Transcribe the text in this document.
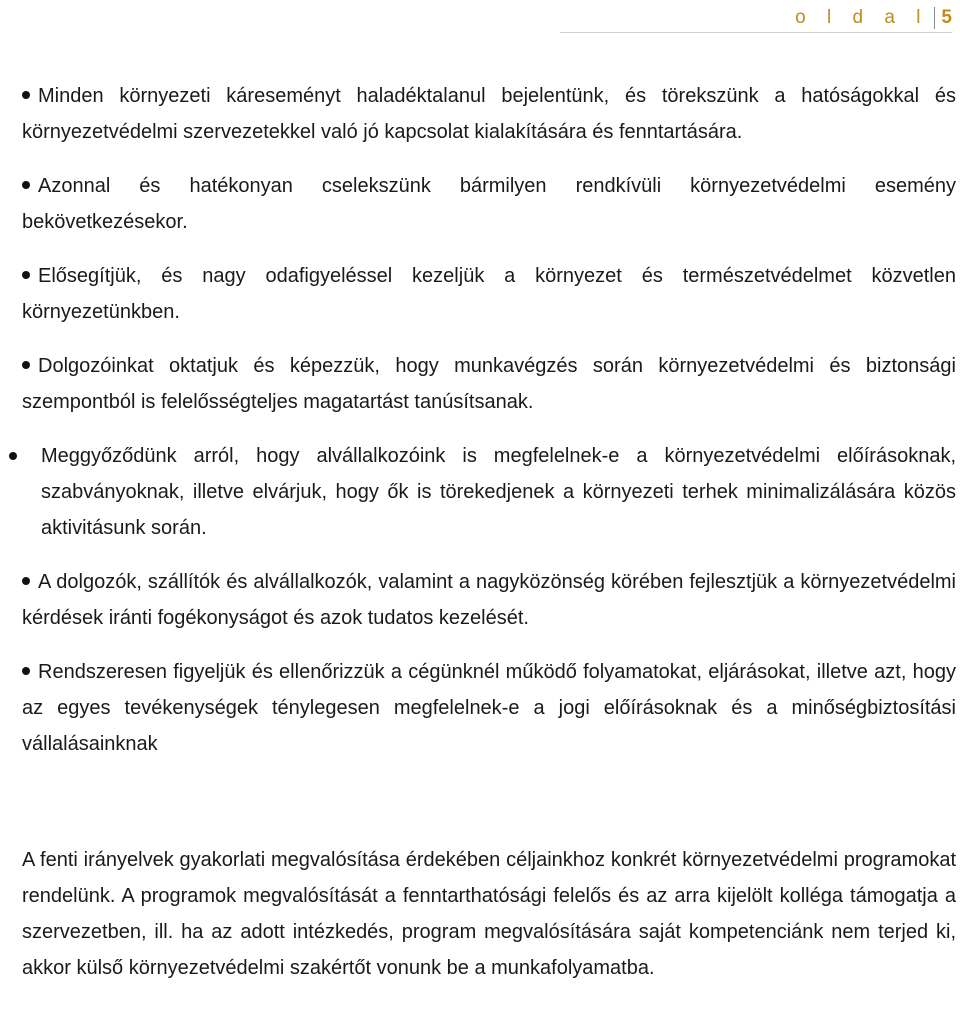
o l d a l 5

Minden környezeti káreseményt haladéktalanul bejelentünk, és törekszünk a hatóságokkal és környezetvédelmi szervezetekkel való jó kapcsolat kialakítására és fenntartására.

Azonnal és hatékonyan cselekszünk bármilyen rendkívüli környezetvédelmi esemény bekövetkezésekor.

Elősegítjük, és nagy odafigyeléssel kezeljük a környezet és természetvédelmet közvetlen környezetünkben.

Dolgozóinkat oktatjuk és képezzük, hogy munkavégzés során környezetvédelmi és biztonsági szempontból is felelősségteljes magatartást tanúsítsanak.

Meggyőződünk arról, hogy alvállalkozóink is megfelelnek-e a környezetvédelmi előírásoknak, szabványoknak, illetve elvárjuk, hogy ők is törekedjenek a környezeti terhek minimalizálására közös aktivitásunk során.

A dolgozók, szállítók és alvállalkozók, valamint a nagyközönség körében fejlesztjük a környezetvédelmi kérdések iránti fogékonyságot és azok tudatos kezelését.

Rendszeresen figyeljük és ellenőrizzük a cégünknél működő folyamatokat, eljárásokat, illetve azt, hogy az egyes tevékenységek ténylegesen megfelelnek-e a jogi előírásoknak és a minőségbiztosítási vállalásainknak

A fenti irányelvek gyakorlati megvalósítása érdekében céljainkhoz konkrét környezetvédelmi programokat rendelünk. A programok megvalósítását a fenntarthatósági felelős és az arra kijelölt kolléga támogatja a szervezetben, ill. ha az adott intézkedés, program megvalósítására saját kompetenciánk nem terjed ki, akkor külső környezetvédelmi szakértőt vonunk be a munkafolyamatba.
